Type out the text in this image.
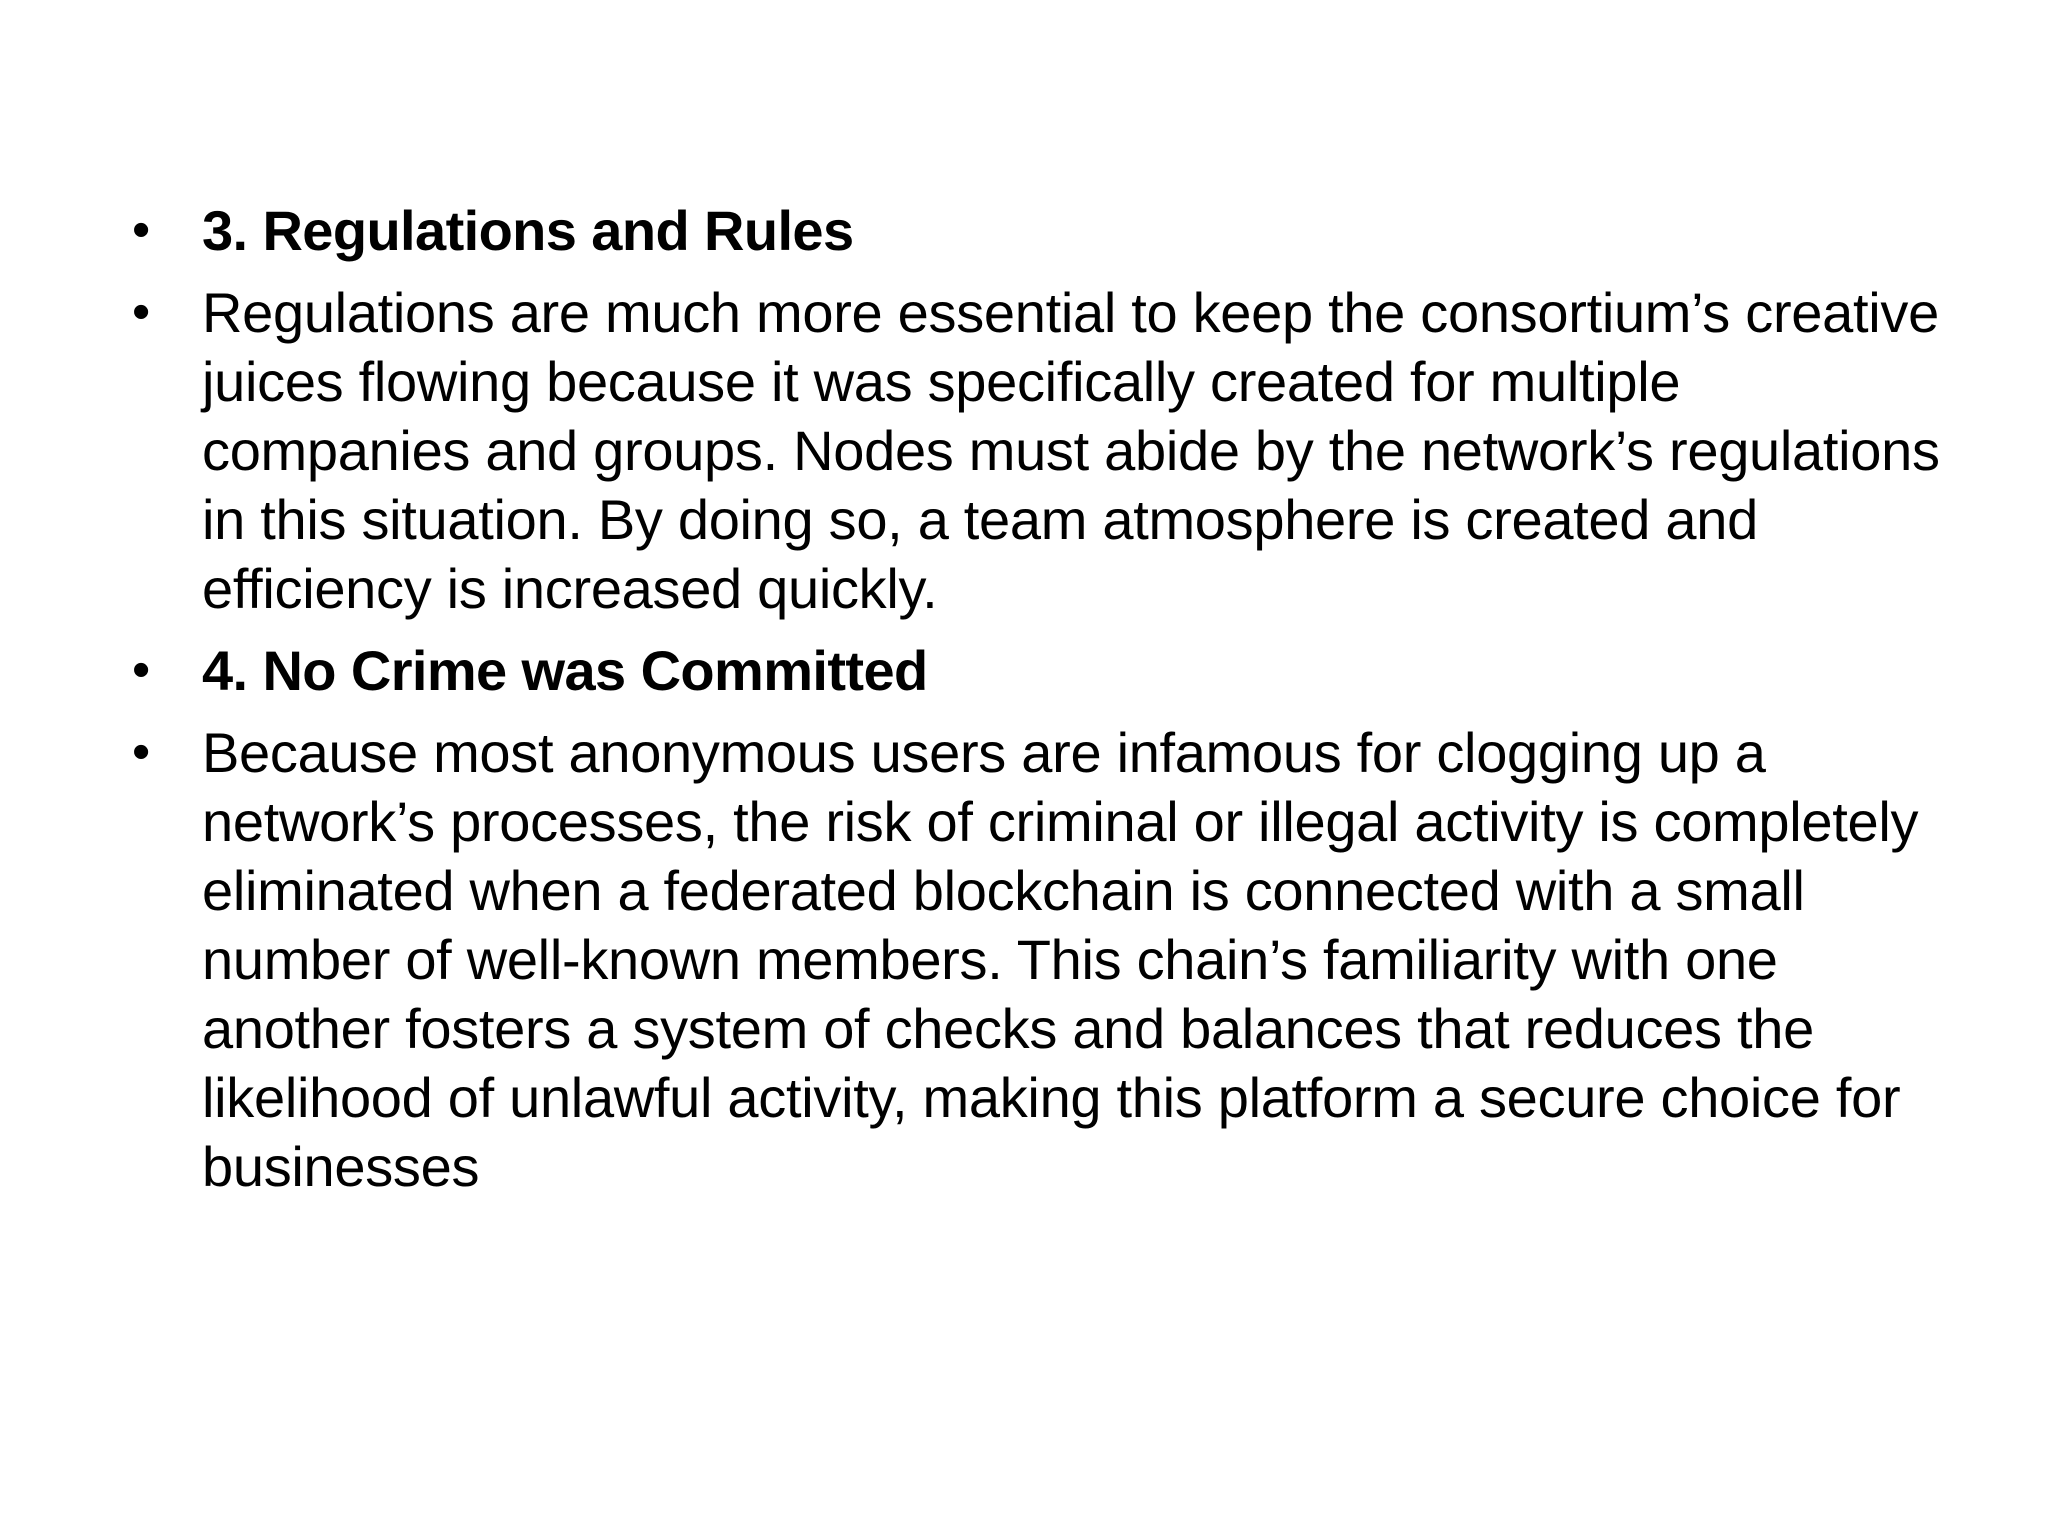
• 3. Regulations and Rules
• Regulations are much more essential to keep the consortium’s creative juices flowing because it was specifically created for multiple companies and groups. Nodes must abide by the network’s regulations in this situation. By doing so, a team atmosphere is created and efficiency is increased quickly.
• 4. No Crime was Committed
• Because most anonymous users are infamous for clogging up a network’s processes, the risk of criminal or illegal activity is completely eliminated when a federated blockchain is connected with a small number of well-known members. This chain’s familiarity with one another fosters a system of checks and balances that reduces the likelihood of unlawful activity, making this platform a secure choice for businesses
